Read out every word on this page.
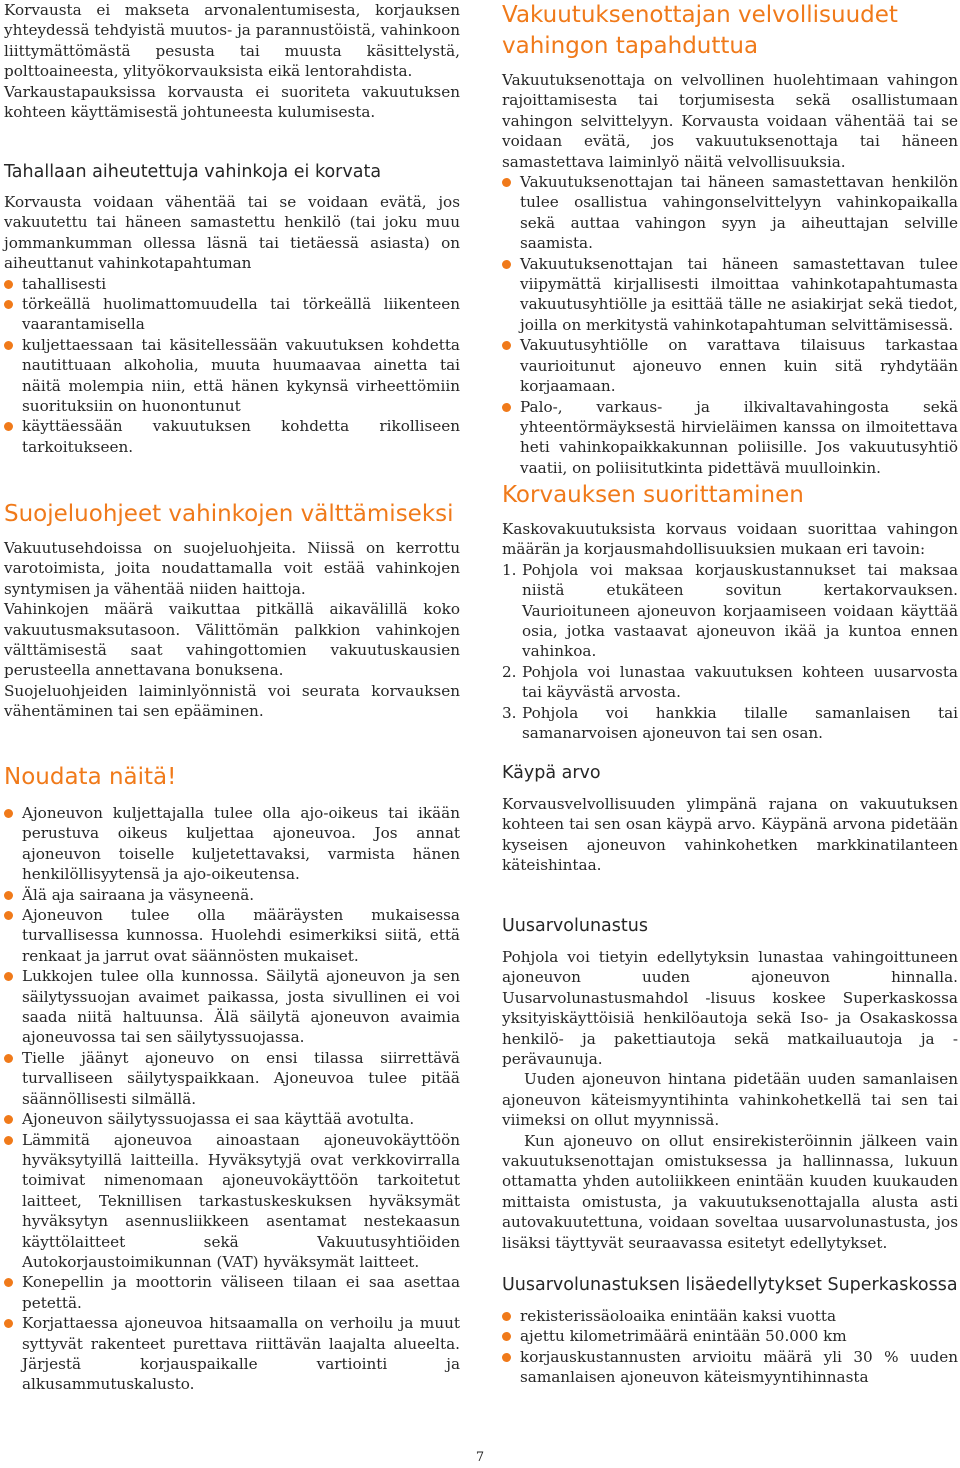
Korvausta ei makseta arvonalentumisesta, korjauksen yhteydessä tehdyistä muutos- ja parannustöistä, vahinkoon liittymättömästä pesusta tai muusta käsittelystä, polttoaineesta, ylityökorvauksista eikä lentorahdista.

Varkaustapauksissa korvausta ei suoriteta vakuutuksen kohteen käyttämisestä johtuneesta kulumisesta.

Tahallaan aiheutettuja vahinkoja ei korvata

Korvausta voidaan vähentää tai se voidaan evätä, jos vakuutettu tai häneen samastettu henkilö (tai joku muu jommankumman ollessa läsnä tai tietäessä asiasta) on aiheuttanut vahinkotapahtuman

tahallisesti
törkeällä huolimattomuudella tai törkeällä liikenteen vaarantamisella
kuljettaessaan tai käsitellessään vakuutuksen kohdetta nautittuaan alkoholia, muuta huumaavaa ainetta tai näitä molempia niin, että hänen kykynsä virheettömiin suorituksiin on huonontunut
käyttäessään vakuutuksen kohdetta rikolliseen tarkoitukseen.
Suojeluohjeet vahinkojen välttämiseksi

Vakuutusehdoissa on suojeluohjeita. Niissä on kerrottu varotoimista, joita noudattamalla voit estää vahinkojen syntymisen ja vähentää niiden haittoja.

Vahinkojen määrä vaikuttaa pitkällä aikavälillä koko vakuutusmaksutasoon. Välittömän palkkion vahinkojen välttämisestä saat vahingottomien vakuutuskausien perusteella annettavana bonuksena.

Suojeluohjeiden laiminlyönnistä voi seurata korvauksen vähentäminen tai sen epääminen.

Noudata näitä!
Ajoneuvon kuljettajalla tulee olla ajo-oikeus tai ikään perustuva oikeus kuljettaa ajoneuvoa. Jos annat ajoneuvon toiselle kuljetettavaksi, varmista hänen henkilöllisyytensä ja ajo-oikeutensa.
Älä aja sairaana ja väsyneenä.
Ajoneuvon tulee olla määräysten mukaisessa turvallisessa kunnossa. Huolehdi esimerkiksi siitä, että renkaat ja jarrut ovat säännösten mukaiset.
Lukkojen tulee olla kunnossa. Säilytä ajoneuvon ja sen säilytyssuojan avaimet paikassa, josta sivullinen ei voi saada niitä haltuunsa. Älä säilytä ajoneuvon avaimia ajoneuvossa tai sen säilytyssuojassa.
Tielle jäänyt ajoneuvo on ensi tilassa siirrettävä turvalliseen säilytyspaikkaan. Ajoneuvoa tulee pitää säännöllisesti silmällä.
Ajoneuvon säilytyssuojassa ei saa käyttää avotulta.
Lämmitä ajoneuvoa ainoastaan ajoneuvokäyttöön hyväksytyillä laitteilla. Hyväksytyjä ovat verkkovirralla toimivat nimenomaan ajoneuvokäyttöön tarkoitetut laitteet, Teknillisen tarkastuskeskuksen hyväksymät hyväksytyn asennusliikkeen asentamat nestekaasun käyttölaitteet sekä Vakuutusyhtiöiden Autokorjaustoimikunnan (VAT) hyväksymät laitteet.
Konepellin ja moottorin väliseen tilaan ei saa asettaa petettä.
Korjattaessa ajoneuvoa hitsaamalla on verhoilu ja muut syttyvät rakenteet purettava riittävän laajalta alueelta. Järjestä korjauspaikalle vartiointi ja alkusammutuskalusto.
Vakuutuksenottajan velvollisuudet vahingon tapahduttua

Vakuutuksenottaja on velvollinen huolehtimaan vahingon rajoittamisesta tai torjumisesta sekä osallistumaan vahingon selvittelyyn. Korvausta voidaan vähentää tai se voidaan evätä, jos vakuutuksenottaja tai häneen samastettava laiminlyö näitä velvollisuuksia.

Vakuutuksenottajan tai häneen samastettavan henkilön tulee osallistua vahingonselvittelyyn vahinkopaikalla sekä auttaa vahingon syyn ja aiheuttajan selville saamista.
Vakuutuksenottajan tai häneen samastettavan tulee viipymättä kirjallisesti ilmoittaa vahinkotapahtumasta vakuutusyhtiölle ja esittää tälle ne asiakirjat sekä tiedot, joilla on merkitystä vahinkotapahtuman selvittämisessä.
Vakuutusyhtiölle on varattava tilaisuus tarkastaa vaurioitunut ajoneuvo ennen kuin sitä ryhdytään korjaamaan.
Palo-, varkaus- ja ilkivaltavahingosta sekä yhteentörmäyksestä hirvieläimen kanssa on ilmoitettava heti vahinkopaikkakunnan poliisille. Jos vakuutusyhtiö vaatii, on poliisitutkinta pidettävä muulloinkin.
Korvauksen suorittaminen

Kaskovakuutuksista korvaus voidaan suorittaa vahingon määrän ja korjausmahdollisuuksien mukaan eri tavoin:

1. Pohjola voi maksaa korjauskustannukset tai maksaa niistä etukäteen sovitun kertakorvauksen. Vaurioituneen ajoneuvon korjaamiseen voidaan käyttää osia, jotka vastaavat ajoneuvon ikää ja kuntoa ennen vahinkoa.
2. Pohjola voi lunastaa vakuutuksen kohteen uusarvosta tai käyvästä arvosta.
3. Pohjola voi hankkia tilalle samanlaisen tai samanarvoisen ajoneuvon tai sen osan.
Käypä arvo

Korvausvelvollisuuden ylimpänä rajana on vakuutuksen kohteen tai sen osan käypä arvo. Käypänä arvona pidetään kyseisen ajoneuvon vahinkohetken markkinatilanteen käteishintaa.

Uusarvolunastus

Pohjola voi tietyin edellytyksin lunastaa vahingoittuneen ajoneuvon uuden ajoneuvon hinnalla. Uusarvolunastusmahdol -lisuus koskee Superkaskossa yksityiskäyttöisiä henkilöautoja sekä Iso- ja Osakaskossa henkilö- ja pakettiautoja sekä matkailuautoja ja -perävaunuja.

Uuden ajoneuvon hintana pidetään uuden samanlaisen ajoneuvon käteismyyntihinta vahinkohetkellä tai sen tai viimeksi on ollut myynnissä.

Kun ajoneuvo on ollut ensirekisteröinnin jälkeen vain vakuutuksenottajan omistuksessa ja hallinnassa, lukuun ottamatta yhden autoliikkeen enintään kuuden kuukauden mittaista omistusta, ja vakuutuksenottajalla alusta asti autovakuutettuna, voidaan soveltaa uusarvolunastusta, jos lisäksi täyttyvät seuraavassa esitetyt edellytykset.

Uusarvolunastuksen lisäedellytykset Superkaskossa
rekisterissäoloaika enintään kaksi vuotta
ajettu kilometrimäärä enintään 50.000 km
korjauskustannusten arvioitu määrä yli 30 % uuden samanlaisen ajoneuvon käteismyyntihinnasta
7
